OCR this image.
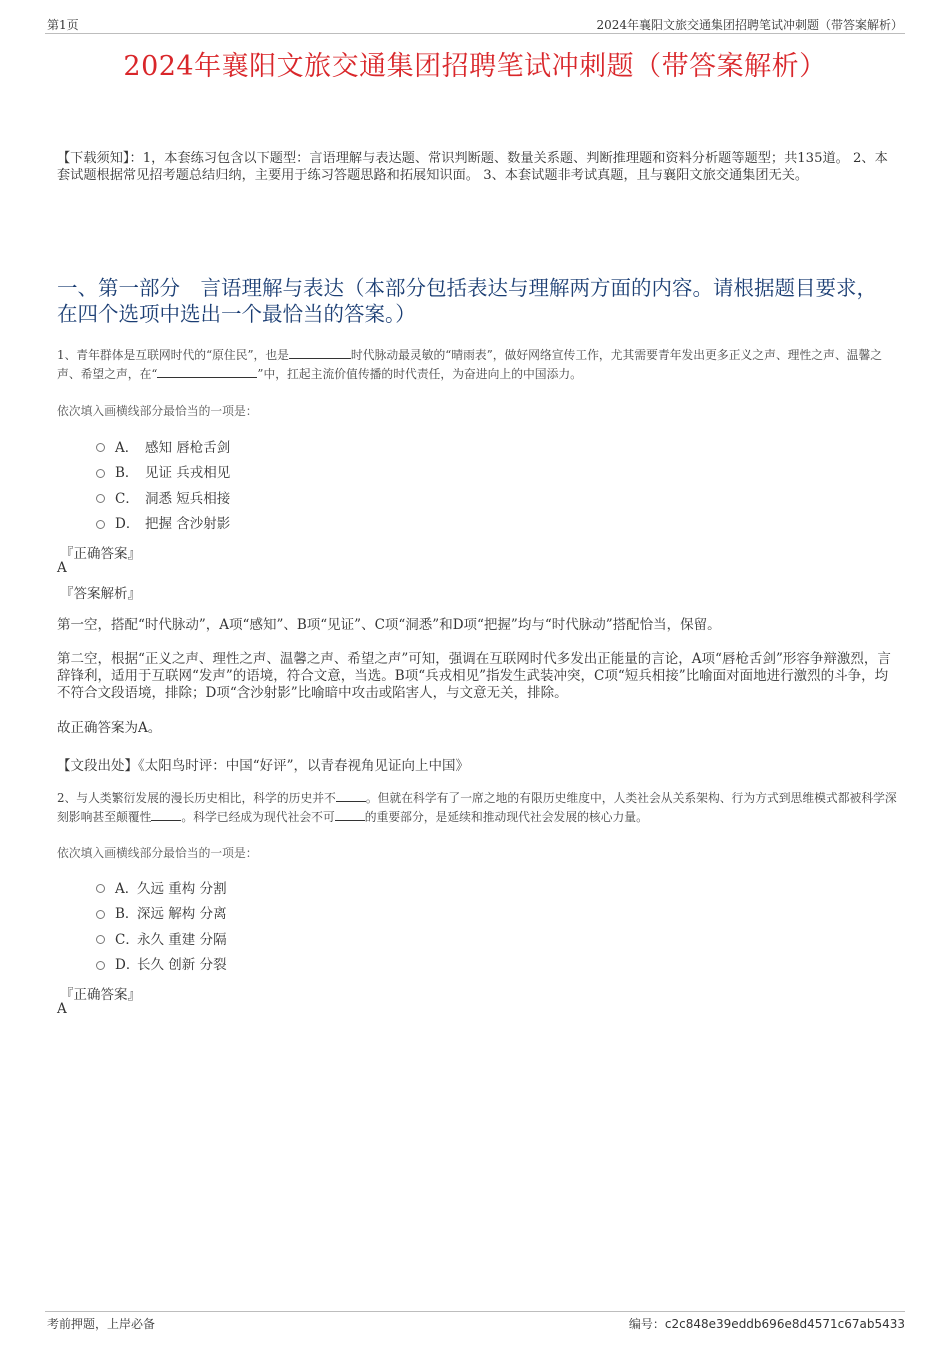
第1页	2024年襄阳文旅交通集团招聘笔试冲刺题（带答案解析）
2024年襄阳文旅交通集团招聘笔试冲刺题（带答案解析）
【下载须知】：1，本套练习包含以下题型：言语理解与表达题、常识判断题、数量关系题、判断推理题和资料分析题等题型；共135道。 2、本套试题根据常见招考题总结归纳，主要用于练习答题思路和拓展知识面。 3、本套试题非考试真题，且与襄阳文旅交通集团无关。
一、第一部分　言语理解与表达（本部分包括表达与理解两方面的内容。请根据题目要求，在四个选项中选出一个最恰当的答案。）
1、青年群体是互联网时代的“原住民”，也是	时代脉动最灵敏的“晴雨表”，做好网络宣传工作，尤其需要青年发出更多正义之声、理性之声、温馨之声、希望之声，在“	”中，扛起主流价值传播的时代责任，为奋进向上的中国添力。
依次填入画横线部分最恰当的一项是：
A． 感知 唇枪舌剑
B． 见证 兵戎相见
C． 洞悉 短兵相接
D． 把握 含沙射影
『正确答案』
A
『答案解析』
第一空，搭配“时代脉动”，A项“感知”、B项“见证”、C项“洞悉”和D项“把握”均与“时代脉动”搭配恰当，保留。
第二空，根据“正义之声、理性之声、温馨之声、希望之声”可知，强调在互联网时代多发出正能量的言论，A项“唇枪舌剑”形容争辩激烈，言辞锋利，适用于互联网“发声”的语境，符合文意，当选。B项“兵戎相见”指发生武装冲突，C项“短兵相接”比喻面对面地进行激烈的斗争，均不符合文段语境，排除；D项“含沙射影”比喻暗中攻击或陷害人，与文意无关，排除。
故正确答案为A。
【文段出处】《太阳鸟时评：中国“好评”，以青春视角见证向上中国》
2、与人类繁衍发展的漫长历史相比，科学的历史并不	。但就在科学有了一席之地的有限历史维度中，人类社会从关系架构、行为方式到思维模式都被科学深刻影响甚至颠覆性	。科学已经成为现代社会不可	的重要部分，是延续和推动现代社会发展的核心力量。
依次填入画横线部分最恰当的一项是：
A．
久远 重构 分割
B．
深远 解构 分离
C．
永久 重建 分隔
D．
长久 创新 分裂
『正确答案』
A
考前押题，上岸必备	编号：c2c848e39eddb696e8d4571c67ab5433
